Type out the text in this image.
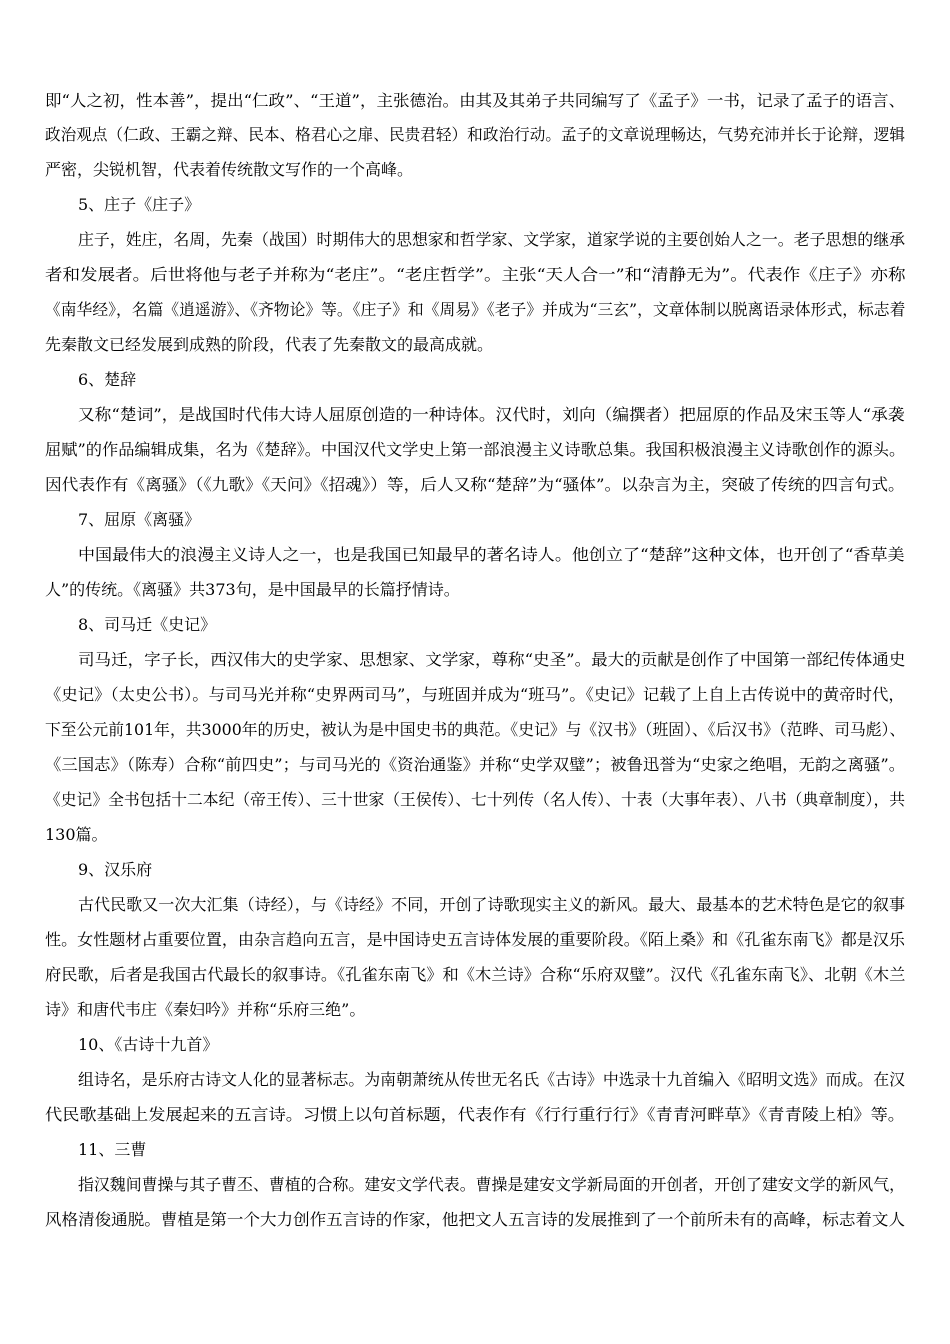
即“人之初，性本善”，提出“仁政”、“王道”，主张德治。由其及其弟子共同编写了《孟子》一书，记录了孟子的语言、
政治观点（仁政、王霸之辩、民本、格君心之扉、民贵君轻）和政治行动。孟子的文章说理畅达，气势充沛并长于论辩，逻辑
严密，尖锐机智，代表着传统散文写作的一个高峰。
5、庄子《庄子》
庄子，姓庄，名周，先秦（战国）时期伟大的思想家和哲学家、文学家，道家学说的主要创始人之一。老子思想的继承
者和发展者。后世将他与老子并称为“老庄”。“老庄哲学”。主张“天人合一”和“清静无为”。代表作《庄子》亦称
《南华经》，名篇《逍遥游》、《齐物论》等。《庄子》和《周易》《老子》并成为“三玄”，文章体制以脱离语录体形式，标志着
先秦散文已经发展到成熟的阶段，代表了先秦散文的最高成就。
6、楚辞
又称“楚词”，是战国时代伟大诗人屈原创造的一种诗体。汉代时，刘向（编撰者）把屈原的作品及宋玉等人“承袭
屈赋”的作品编辑成集，名为《楚辞》。中国汉代文学史上第一部浪漫主义诗歌总集。我国积极浪漫主义诗歌创作的源头。
因代表作有《离骚》（《九歌》《天问》《招魂》）等，后人又称“楚辞”为“骚体”。以杂言为主，突破了传统的四言句式。
7、屈原《离骚》
中国最伟大的浪漫主义诗人之一，也是我国已知最早的著名诗人。他创立了“楚辞”这种文体，也开创了“香草美
人”的传统。《离骚》共373句，是中国最早的长篇抒情诗。
8、司马迁《史记》
司马迁，字子长，西汉伟大的史学家、思想家、文学家，尊称“史圣”。最大的贡献是创作了中国第一部纪传体通史
《史记》（太史公书）。与司马光并称“史界两司马”，与班固并成为“班马”。《史记》记载了上自上古传说中的黄帝时代，
下至公元前101年，共3000年的历史，被认为是中国史书的典范。《史记》与《汉书》（班固）、《后汉书》（范晔、司马彪）、
《三国志》（陈寿）合称“前四史”；与司马光的《资治通鉴》并称“史学双璧”；被鲁迅誉为“史家之绝唱，无韵之离骚”。
《史记》全书包括十二本纪（帝王传）、三十世家（王侯传）、七十列传（名人传）、十表（大事年表）、八书（典章制度），共
130篇。
9、汉乐府
古代民歌又一次大汇集（诗经），与《诗经》不同，开创了诗歌现实主义的新风。最大、最基本的艺术特色是它的叙事
性。女性题材占重要位置，由杂言趋向五言，是中国诗史五言诗体发展的重要阶段。《陌上桑》和《孔雀东南飞》都是汉乐
府民歌，后者是我国古代最长的叙事诗。《孔雀东南飞》和《木兰诗》合称“乐府双璧”。汉代《孔雀东南飞》、北朝《木兰
诗》和唐代韦庄《秦妇吟》并称“乐府三绝”。
10、《古诗十九首》
组诗名，是乐府古诗文人化的显著标志。为南朝萧统从传世无名氏《古诗》中选录十九首编入《昭明文选》而成。在汉
代民歌基础上发展起来的五言诗。习惯上以句首标题，代表作有《行行重行行》《青青河畔草》《青青陵上柏》等。
11、三曹
指汉魏间曹操与其子曹丕、曹植的合称。建安文学代表。曹操是建安文学新局面的开创者，开创了建安文学的新风气，
风格清俊通脱。曹植是第一个大力创作五言诗的作家，他把文人五言诗的发展推到了一个前所未有的高峰，标志着文人
